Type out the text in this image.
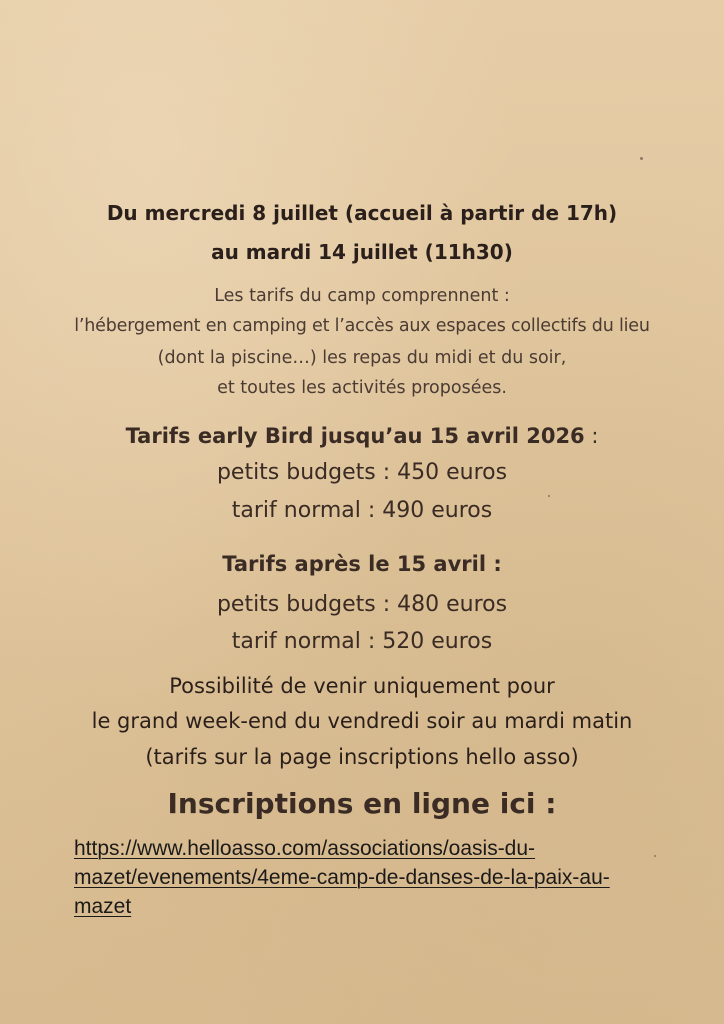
Du mercredi 8 juillet (accueil à partir de 17h)
au mardi 14 juillet (11h30)
Les tarifs du camp comprennent :
l’hébergement en camping et l’accès aux espaces collectifs du lieu
(dont la piscine…) les repas du midi et du soir,
et toutes les activités proposées.
Tarifs early Bird jusqu’au 15 avril 2026 :
petits budgets : 450 euros
tarif normal : 490 euros
Tarifs après le 15 avril :
petits budgets : 480 euros
tarif normal : 520 euros
Possibilité de venir uniquement pour
le grand week-end du vendredi soir au mardi matin
(tarifs sur la page inscriptions hello asso)
Inscriptions en ligne ici :
https://www.helloasso.com/associations/oasis-du-
mazet/evenements/4eme-camp-de-danses-de-la-paix-au-
mazet
